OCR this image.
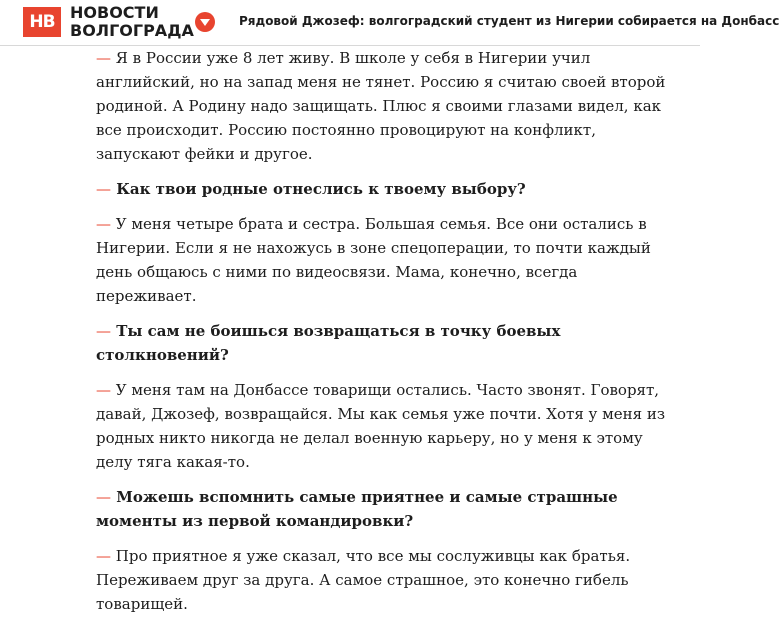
НВ НОВОСТИ
ВОЛГОГРАДА	Рядовой Джозеф: волгоградский студент из Нигерии собирается на Донбасс

— Я в России уже 8 лет живу. В школе у себя в Нигерии учил английский, но на запад меня не тянет. Россию я считаю своей второй родиной. А Родину надо защищать. Плюс я своими глазами видел, как все происходит. Россию постоянно провоцируют на конфликт, запускают фейки и другое.

— Как твои родные отнеслись к твоему выбору?

— У меня четыре брата и сестра. Большая семья. Все они остались в Нигерии. Если я не нахожусь в зоне спецоперации, то почти каждый день общаюсь с ними по видеосвязи. Мама, конечно, всегда переживает.

— Ты сам не боишься возвращаться в точку боевых столкновений?

— У меня там на Донбассе товарищи остались. Часто звонят. Говорят, давай, Джозеф, возвращайся. Мы как семья уже почти. Хотя у меня из родных никто никогда не делал военную карьеру, но у меня к этому делу тяга какая-то.

— Можешь вспомнить самые приятнее и самые страшные моменты из первой командировки?

— Про приятное я уже сказал, что все мы сослуживцы как братья. Переживаем друг за друга. А самое страшное, это конечно гибель товарищей.
